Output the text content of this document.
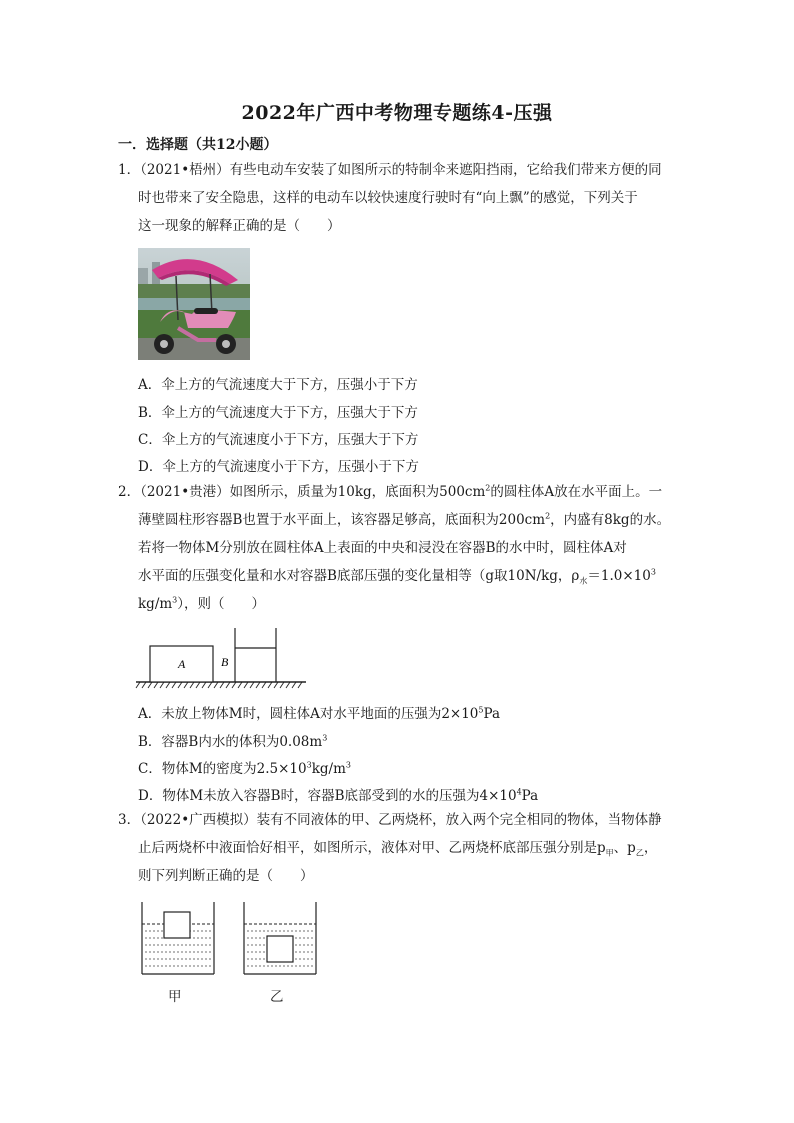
2022年广西中考物理专题练4-压强
一．选择题（共12小题）
1．（2021•梧州）有些电动车安装了如图所示的特制伞来遮阳挡雨，它给我们带来方便的同
时也带来了安全隐患，这样的电动车以较快速度行驶时有“向上飘”的感觉，下列关于
这一现象的解释正确的是（　　）
A．伞上方的气流速度大于下方，压强小于下方
B．伞上方的气流速度大于下方，压强大于下方
C．伞上方的气流速度小于下方，压强大于下方
D．伞上方的气流速度小于下方，压强小于下方
2．（2021•贵港）如图所示，质量为10kg，底面积为$500cm^2$的圆柱体A放在水平面上。一
薄壁圆柱形容器B也置于水平面上，该容器足够高，底面积为$200cm^2$，内盛有8kg的水。
若将一物体M分别放在圆柱体A上表面的中央和浸没在容器B的水中时，圆柱体A对
水平面的压强变化量和水对容器B底部压强的变化量相等（g取10N/kg，$\rho_水=1.0\times 10^3$
$kg/m^3$），则（　　）
A	B
A．未放上物体M时，圆柱体A对水平地面的压强为$2\times 10^5Pa$
B．容器B内水的体积为$0.08m^3$
C．物体M的密度为$2.5\times 10^3kg/m^3$
D．物体M未放入容器B时，容器B底部受到的水的压强为$4\times 10^4Pa$
3．（2022•广西模拟）装有不同液体的甲、乙两烧杯，放入两个完全相同的物体，当物体静
止后两烧杯中液面恰好相平，如图所示，液体对甲、乙两烧杯底部压强分别是$p_甲$、$p_乙$，
则下列判断正确的是（　　）
甲	乙
